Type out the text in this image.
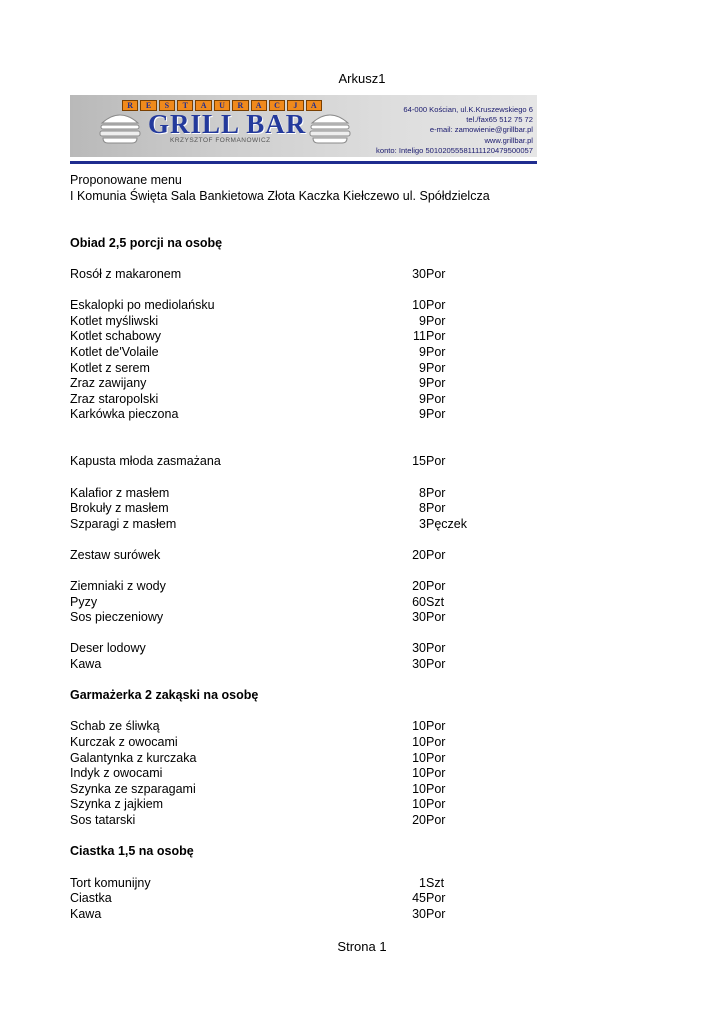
Arkusz1
R	E	S	T	A	U	R	A	C	J	A
GRILL BAR
KRZYSZTOF FORMANOWICZ
64-000 Kościan, ul.K.Kruszewskiego 6
tel./fax65 512 75 72
e-mail: zamowienie@grillbar.pl
www.grillbar.pl
konto: Inteligo 50102055581111120479500057
Proponowane menu
I Komunia Święta Sala Bankietowa Złota Kaczka Kiełczewo ul. Spółdzielcza
Obiad 2,5 porcji na osobę
Rosół z makaronem	30 Por
Eskalopki po mediolańsku	10 Por
Kotlet myśliwski	9 Por
Kotlet schabowy	11 Por
Kotlet de'Volaile	9 Por
Kotlet z serem	9 Por
Zraz zawijany	9 Por
Zraz staropolski	9 Por
Karkówka pieczona	9 Por
Kapusta młoda zasmażana	15 Por
Kalafior z masłem	8 Por
Brokuły z masłem	8 Por
Szparagi z masłem	3 Pęczek
Zestaw surówek	20 Por
Ziemniaki z wody	20 Por
Pyzy	60 Szt
Sos pieczeniowy	30 Por
Deser lodowy	30 Por
Kawa	30 Por
Garmażerka 2 zakąski na osobę
Schab ze śliwką	10 Por
Kurczak z owocami	10 Por
Galantynka z kurczaka	10 Por
Indyk z owocami	10 Por
Szynka ze szparagami	10 Por
Szynka z jajkiem	10 Por
Sos tatarski	20 Por
Ciastka 1,5 na osobę
Tort komunijny	1 Szt
Ciastka	45 Por
Kawa	30 Por
Strona 1
